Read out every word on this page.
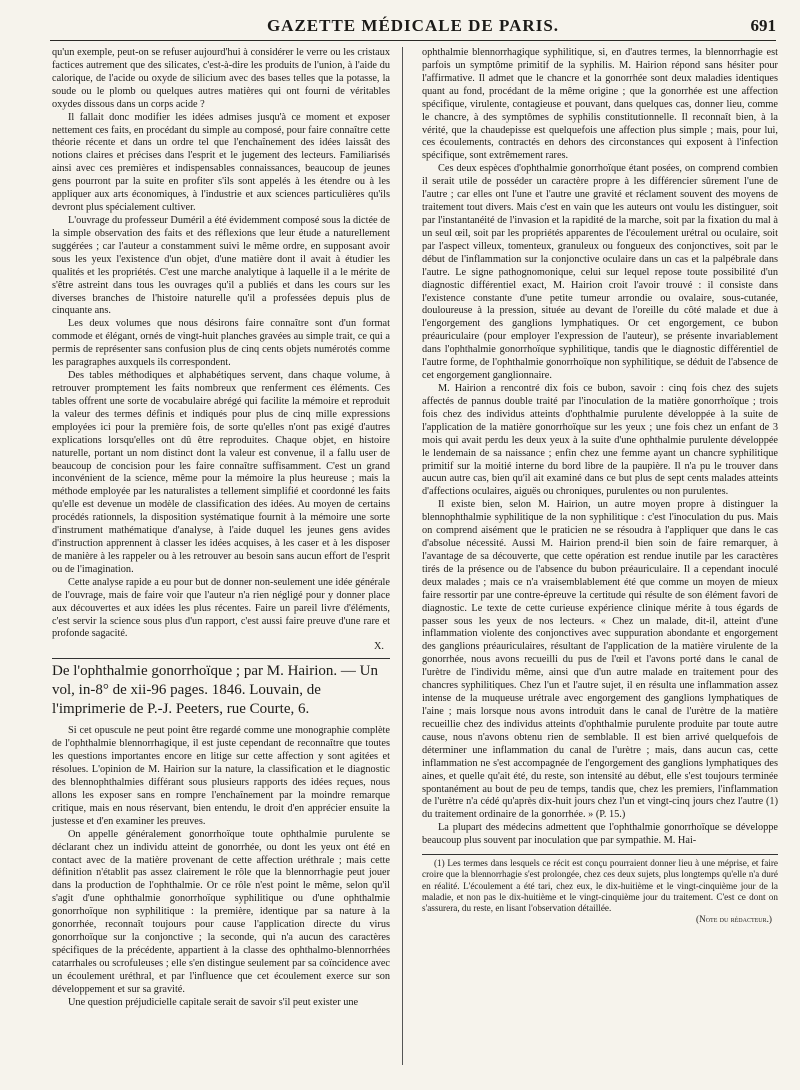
GAZETTE MÉDICALE DE PARIS.	691

qu'un exemple, peut-on se refuser aujourd'hui à considérer le verre ou les cristaux factices autrement que des silicates, c'est-à-dire les produits de l'union, à l'aide du calorique, de l'acide ou oxyde de silicium avec des bases telles que la potasse, la soude ou le plomb ou quelques autres matières qui ont fourni de véritables oxydes dissous dans un corps acide ?

Il fallait donc modifier les idées admises jusqu'à ce moment et exposer nettement ces faits, en procédant du simple au composé, pour faire connaître cette théorie récente et dans un ordre tel que l'enchaînement des idées laissât des notions claires et précises dans l'esprit et le jugement des lecteurs. Familiarisés ainsi avec ces premières et indispensables connaissances, beaucoup de jeunes gens pourront par la suite en profiter s'ils sont appelés à les étendre ou à les appliquer aux arts économiques, à l'industrie et aux sciences particulières qu'ils devront plus spécialement cultiver.

L'ouvrage du professeur Duméril a été évidemment composé sous la dictée de la simple observation des faits et des réflexions que leur étude a naturellement suggérées ; car l'auteur a constamment suivi le même ordre, en supposant avoir sous les yeux l'existence d'un objet, d'une matière dont il avait à étudier les qualités et les propriétés. C'est une marche analytique à laquelle il a le mérite de s'être astreint dans tous les ouvrages qu'il a publiés et dans les cours sur les diverses branches de l'histoire naturelle qu'il a professées depuis plus de cinquante ans.

Les deux volumes que nous désirons faire connaître sont d'un format commode et élégant, ornés de vingt-huit planches gravées au simple trait, ce qui a permis de représenter sans confusion plus de cinq cents objets numérotés comme les paragraphes auxquels ils correspondent.

Des tables méthodiques et alphabétiques servent, dans chaque volume, à retrouver promptement les faits nombreux que renferment ces éléments. Ces tables offrent une sorte de vocabulaire abrégé qui facilite la mémoire et reproduit la valeur des termes définis et indiqués pour plus de cinq mille expressions employées ici pour la première fois, de sorte qu'elles n'ont pas exigé d'autres explications lorsqu'elles ont dû être reproduites. Chaque objet, en histoire naturelle, portant un nom distinct dont la valeur est convenue, il a fallu user de beaucoup de concision pour les faire connaître suffisamment. C'est un grand inconvénient de la science, même pour la mémoire la plus heureuse ; mais la méthode employée par les naturalistes a tellement simplifié et coordonné les faits qu'elle est devenue un modèle de classification des idées. Au moyen de certains procédés rationnels, la disposition systématique fournit à la mémoire une sorte d'instrument mathématique d'analyse, à l'aide duquel les jeunes gens avides d'instruction apprennent à classer les idées acquises, à les caser et à les disposer de manière à les rappeler ou à les retrouver au besoin sans aucun effort de l'esprit ou de l'imagination.

Cette analyse rapide a eu pour but de donner non-seulement une idée générale de l'ouvrage, mais de faire voir que l'auteur n'a rien négligé pour y donner place aux découvertes et aux idées les plus récentes. Faire un pareil livre d'éléments, c'est servir la science sous plus d'un rapport, c'est aussi faire preuve d'une rare et profonde sagacité.

X.
De l'ophthalmie gonorrhoïque ; par M. Hairion. — Un vol, in-8° de xii-96 pages. 1846. Louvain, de l'imprimerie de P.-J. Peeters, rue Courte, 6.

Si cet opuscule ne peut point être regardé comme une monographie complète de l'ophthalmie blennorrhagique, il est juste cependant de reconnaître que toutes les questions importantes encore en litige sur cette affection y sont agitées et résolues. L'opinion de M. Hairion sur la nature, la classification et le diagnostic des blennophthalmies différant sous plusieurs rapports des idées reçues, nous allons les exposer sans en rompre l'enchaînement par la moindre remarque critique, mais en nous réservant, bien entendu, le droit d'en apprécier ensuite la justesse et d'en examiner les preuves.

On appelle généralement gonorrhoïque toute ophthalmie purulente se déclarant chez un individu atteint de gonorrhée, ou dont les yeux ont été en contact avec de la matière provenant de cette affection uréthrale ; mais cette définition n'établit pas assez clairement le rôle que la blennorrhagie peut jouer dans la production de l'ophthalmie. Or ce rôle n'est point le même, selon qu'il s'agit d'une ophthalmie gonorrhoïque syphilitique ou d'une ophthalmie gonorrhoïque non syphilitique : la première, identique par sa nature à la gonorrhée, reconnaît toujours pour cause l'application directe du virus gonorrhoïque sur la conjonctive ; la seconde, qui n'a aucun des caractères spécifiques de la précédente, appartient à la classe des ophthalmo-blennorrhées catarrhales ou scrofuleuses ; elle s'en distingue seulement par sa coïncidence avec un écoulement uréthral, et par l'influence que cet écoulement exerce sur son développement et sur sa gravité.

Une question préjudicielle capitale serait de savoir s'il peut exister une

ophthalmie blennorrhagique syphilitique, si, en d'autres termes, la blennorrhagie est parfois un symptôme primitif de la syphilis. M. Hairion répond sans hésiter pour l'affirmative. Il admet que le chancre et la gonorrhée sont deux maladies identiques quant au fond, procédant de la même origine ; que la gonorrhée est une affection spécifique, virulente, contagieuse et pouvant, dans quelques cas, donner lieu, comme le chancre, à des symptômes de syphilis constitutionnelle. Il reconnaît bien, à la vérité, que la chaudepisse est quelquefois une affection plus simple ; mais, pour lui, ces écoulements, contractés en dehors des circonstances qui exposent à l'infection spécifique, sont extrêmement rares.

Ces deux espèces d'ophthalmie gonorrhoïque étant posées, on comprend combien il serait utile de posséder un caractère propre à les différencier sûrement l'une de l'autre ; car elles ont l'une et l'autre une gravité et réclament souvent des moyens de traitement tout divers. Mais c'est en vain que les auteurs ont voulu les distinguer, soit par l'instantanéité de l'invasion et la rapidité de la marche, soit par la fixation du mal à un seul œil, soit par les propriétés apparentes de l'écoulement urétral ou oculaire, soit par l'aspect villeux, tomenteux, granuleux ou fongueux des conjonctives, soit par le début de l'inflammation sur la conjonctive oculaire dans un cas et la palpébrale dans l'autre. Le signe pathognomonique, celui sur lequel repose toute possibilité d'un diagnostic différentiel exact, M. Hairion croit l'avoir trouvé : il consiste dans l'existence constante d'une petite tumeur arrondie ou ovalaire, sous-cutanée, douloureuse à la pression, située au devant de l'oreille du côté malade et due à l'engorgement des ganglions lymphatiques. Or cet engorgement, ce bubon préauriculaire (pour employer l'expression de l'auteur), se présente invariablement dans l'ophthalmie gonorrhoïque syphilitique, tandis que le diagnostic différentiel de l'autre forme, de l'ophthalmie gonorrhoïque non syphilitique, se déduit de l'absence de cet engorgement ganglionnaire.

M. Hairion a rencontré dix fois ce bubon, savoir : cinq fois chez des sujets affectés de pannus double traité par l'inoculation de la matière gonorrhoïque ; trois fois chez des individus atteints d'ophthalmie purulente développée à la suite de l'application de la matière gonorrhoïque sur les yeux ; une fois chez un enfant de 3 mois qui avait perdu les deux yeux à la suite d'une ophthalmie purulente développée le lendemain de sa naissance ; enfin chez une femme ayant un chancre syphilitique primitif sur la moitié interne du bord libre de la paupière. Il n'a pu le trouver dans aucun autre cas, bien qu'il ait examiné dans ce but plus de sept cents malades atteints d'affections oculaires, aiguës ou chroniques, purulentes ou non purulentes.

Il existe bien, selon M. Hairion, un autre moyen propre à distinguer la blennophthalmie syphilitique de la non syphilitique : c'est l'inoculation du pus. Mais on comprend aisément que le praticien ne se résoudra à l'appliquer que dans le cas d'absolue nécessité. Aussi M. Hairion prend-il bien soin de faire remarquer, à l'avantage de sa découverte, que cette opération est rendue inutile par les caractères tirés de la présence ou de l'absence du bubon préauriculaire. Il a cependant inoculé deux malades ; mais ce n'a vraisemblablement été que comme un moyen de mieux faire ressortir par une contre-épreuve la certitude qui résulte de son élément favori de diagnostic. Le texte de cette curieuse expérience clinique mérite à tous égards de passer sous les yeux de nos lecteurs. « Chez un malade, dit-il, atteint d'une inflammation violente des conjonctives avec suppuration abondante et engorgement des ganglions préauriculaires, résultant de l'application de la matière virulente de la gonorrhée, nous avons recueilli du pus de l'œil et l'avons porté dans le canal de l'urètre de l'individu même, ainsi que d'un autre malade en traitement pour des chancres syphilitiques. Chez l'un et l'autre sujet, il en résulta une inflammation assez intense de la muqueuse urétrale avec engorgement des ganglions lymphatiques de l'aine ; mais lorsque nous avons introduit dans le canal de l'urètre de la matière recueillie chez des individus atteints d'ophthalmie purulente produite par toute autre cause, nous n'avons obtenu rien de semblable. Il est bien arrivé quelquefois de déterminer une inflammation du canal de l'urètre ; mais, dans aucun cas, cette inflammation ne s'est accompagnée de l'engorgement des ganglions lymphatiques des aines, et quelle qu'ait été, du reste, son intensité au début, elle s'est toujours terminée spontanément au bout de peu de temps, tandis que, chez les premiers, l'inflammation de l'urètre n'a cédé qu'après dix-huit jours chez l'un et vingt-cinq jours chez l'autre (1) du traitement ordinaire de la gonorrhée. » (P. 15.)

La plupart des médecins admettent que l'ophthalmie gonorrhoïque se développe beaucoup plus souvent par inoculation que par sympathie. M. Hai-

(1) Les termes dans lesquels ce récit est conçu pourraient donner lieu à une méprise, et faire croire que la blennorrhagie s'est prolongée, chez ces deux sujets, plus longtemps qu'elle n'a duré en réalité. L'écoulement a été tari, chez eux, le dix-huitième et le vingt-cinquième jour de la maladie, et non pas le dix-huitième et le vingt-cinquième jour du traitement. C'est ce dont on s'assurera, du reste, en lisant l'observation détaillée.

(Note du rédacteur.)
